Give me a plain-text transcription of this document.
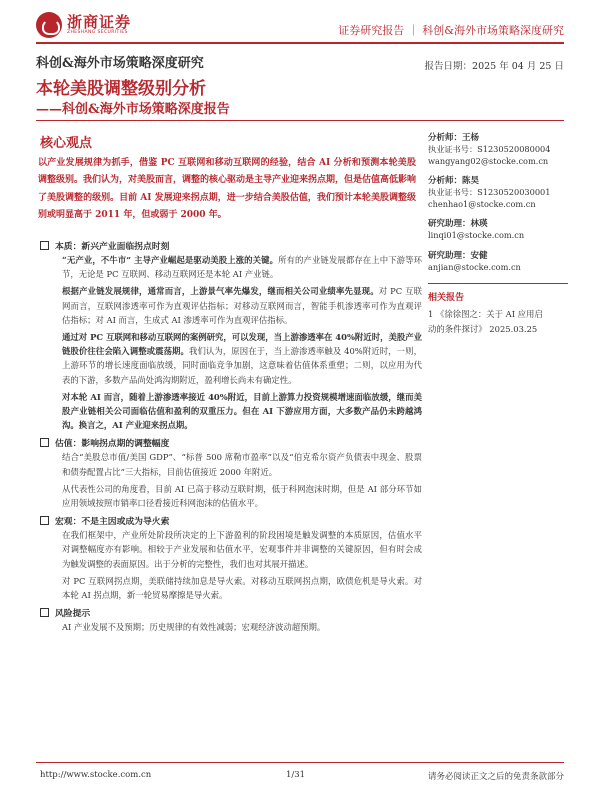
浙商证券
ZHESHANG SECURITIES	证券研究报告 ｜ 科创&海外市场策略深度研究
科创&海外市场策略深度研究	报告日期：2025 年 04 月 25 日
本轮美股调整级别分析
——科创&海外市场策略深度报告
核心观点
以产业发展规律为抓手，借鉴 PC 互联网和移动互联网的经验，结合 AI 分析和预测本轮美股调整级别。我们认为，对美股而言，调整的核心驱动是主导产业迎来拐点期，但是估值高低影响了美股调整的级别。目前 AI 发展迎来拐点期，进一步结合美股估值，我们预计本轮美股调整级别或明显高于 2011 年，但或弱于 2000 年。
分析师：王杨
执业证书号：S1230520080004
wangyang02@stocke.com.cn
分析师：陈昊
执业证书号：S1230520030001
chenhao1@stocke.com.cn
研究助理：林瑛
linqi01@stocke.com.cn
研究助理：安健
anjian@stocke.com.cn
相关报告
1 《徐徐图之：关于 AI 应用启
动的条件探讨》 2025.03.25
本质：新兴产业面临拐点时刻

“无产业，不牛市” 主导产业崛起是驱动美股上涨的关键。所有的产业链发展都存在上中下游等环节，无论是 PC 互联网、移动互联网还是本轮 AI 产业链。

根据产业链发展规律，通常而言，上游景气率先爆发，继而相关公司业绩率先显现。对 PC 互联网而言，互联网渗透率可作为直观评估指标；对移动互联网而言，智能手机渗透率可作为直观评估指标；对 AI 而言，生成式 AI 渗透率可作为直观评估指标。

通过对 PC 互联网和移动互联网的案例研究，可以发现，当上游渗透率在 40%附近时，美股产业链股价往往会陷入调整或震荡期。我们认为，原因在于，当上游渗透率触及 40%附近时，一则，上游环节的增长速度面临放缓，同时面临竞争加剧，这意味着估值体系重塑；二则，以应用为代表的下游，多数产品尚处鸿沟期附近，盈利增长尚未有确定性。

对本轮 AI 而言，随着上游渗透率接近 40%附近，目前上游算力投资规模增速面临放缓，继而美股产业链相关公司面临估值和盈利的双重压力。但在 AI 下游应用方面，大多数产品仍未跨越鸿沟。换言之，AI 产业迎来拐点期。

估值：影响拐点期的调整幅度

结合“美股总市值/美国 GDP”、“标普 500 席勒市盈率”以及“伯克希尔资产负债表中现金、股票和债券配置占比”三大指标，目前估值接近 2000 年附近。

从代表性公司的角度看，目前 AI 已高于移动互联时期，低于科网泡沫时期，但是 AI 部分环节如应用领域按照市销率口径看接近科网泡沫的估值水平。

宏观：不是主因或成为导火索

在我们框架中，产业所处阶段所决定的上下游盈利的阶段困境是触发调整的本质原因，估值水平对调整幅度亦有影响。相较于产业发展和估值水平，宏观事件并非调整的关键原因，但有时会成为触发调整的表面原因。出于分析的完整性，我们也对其展开描述。

对 PC 互联网拐点期，美联储持续加息是导火索。对移动互联网拐点期，欧债危机是导火索。对本轮 AI 拐点期，新一轮贸易摩擦是导火索。

风险提示

AI 产业发展不及预期；历史规律的有效性减弱；宏观经济波动超预期。

http://www.stocke.com.cn	1/31	请务必阅读正文之后的免责条款部分
